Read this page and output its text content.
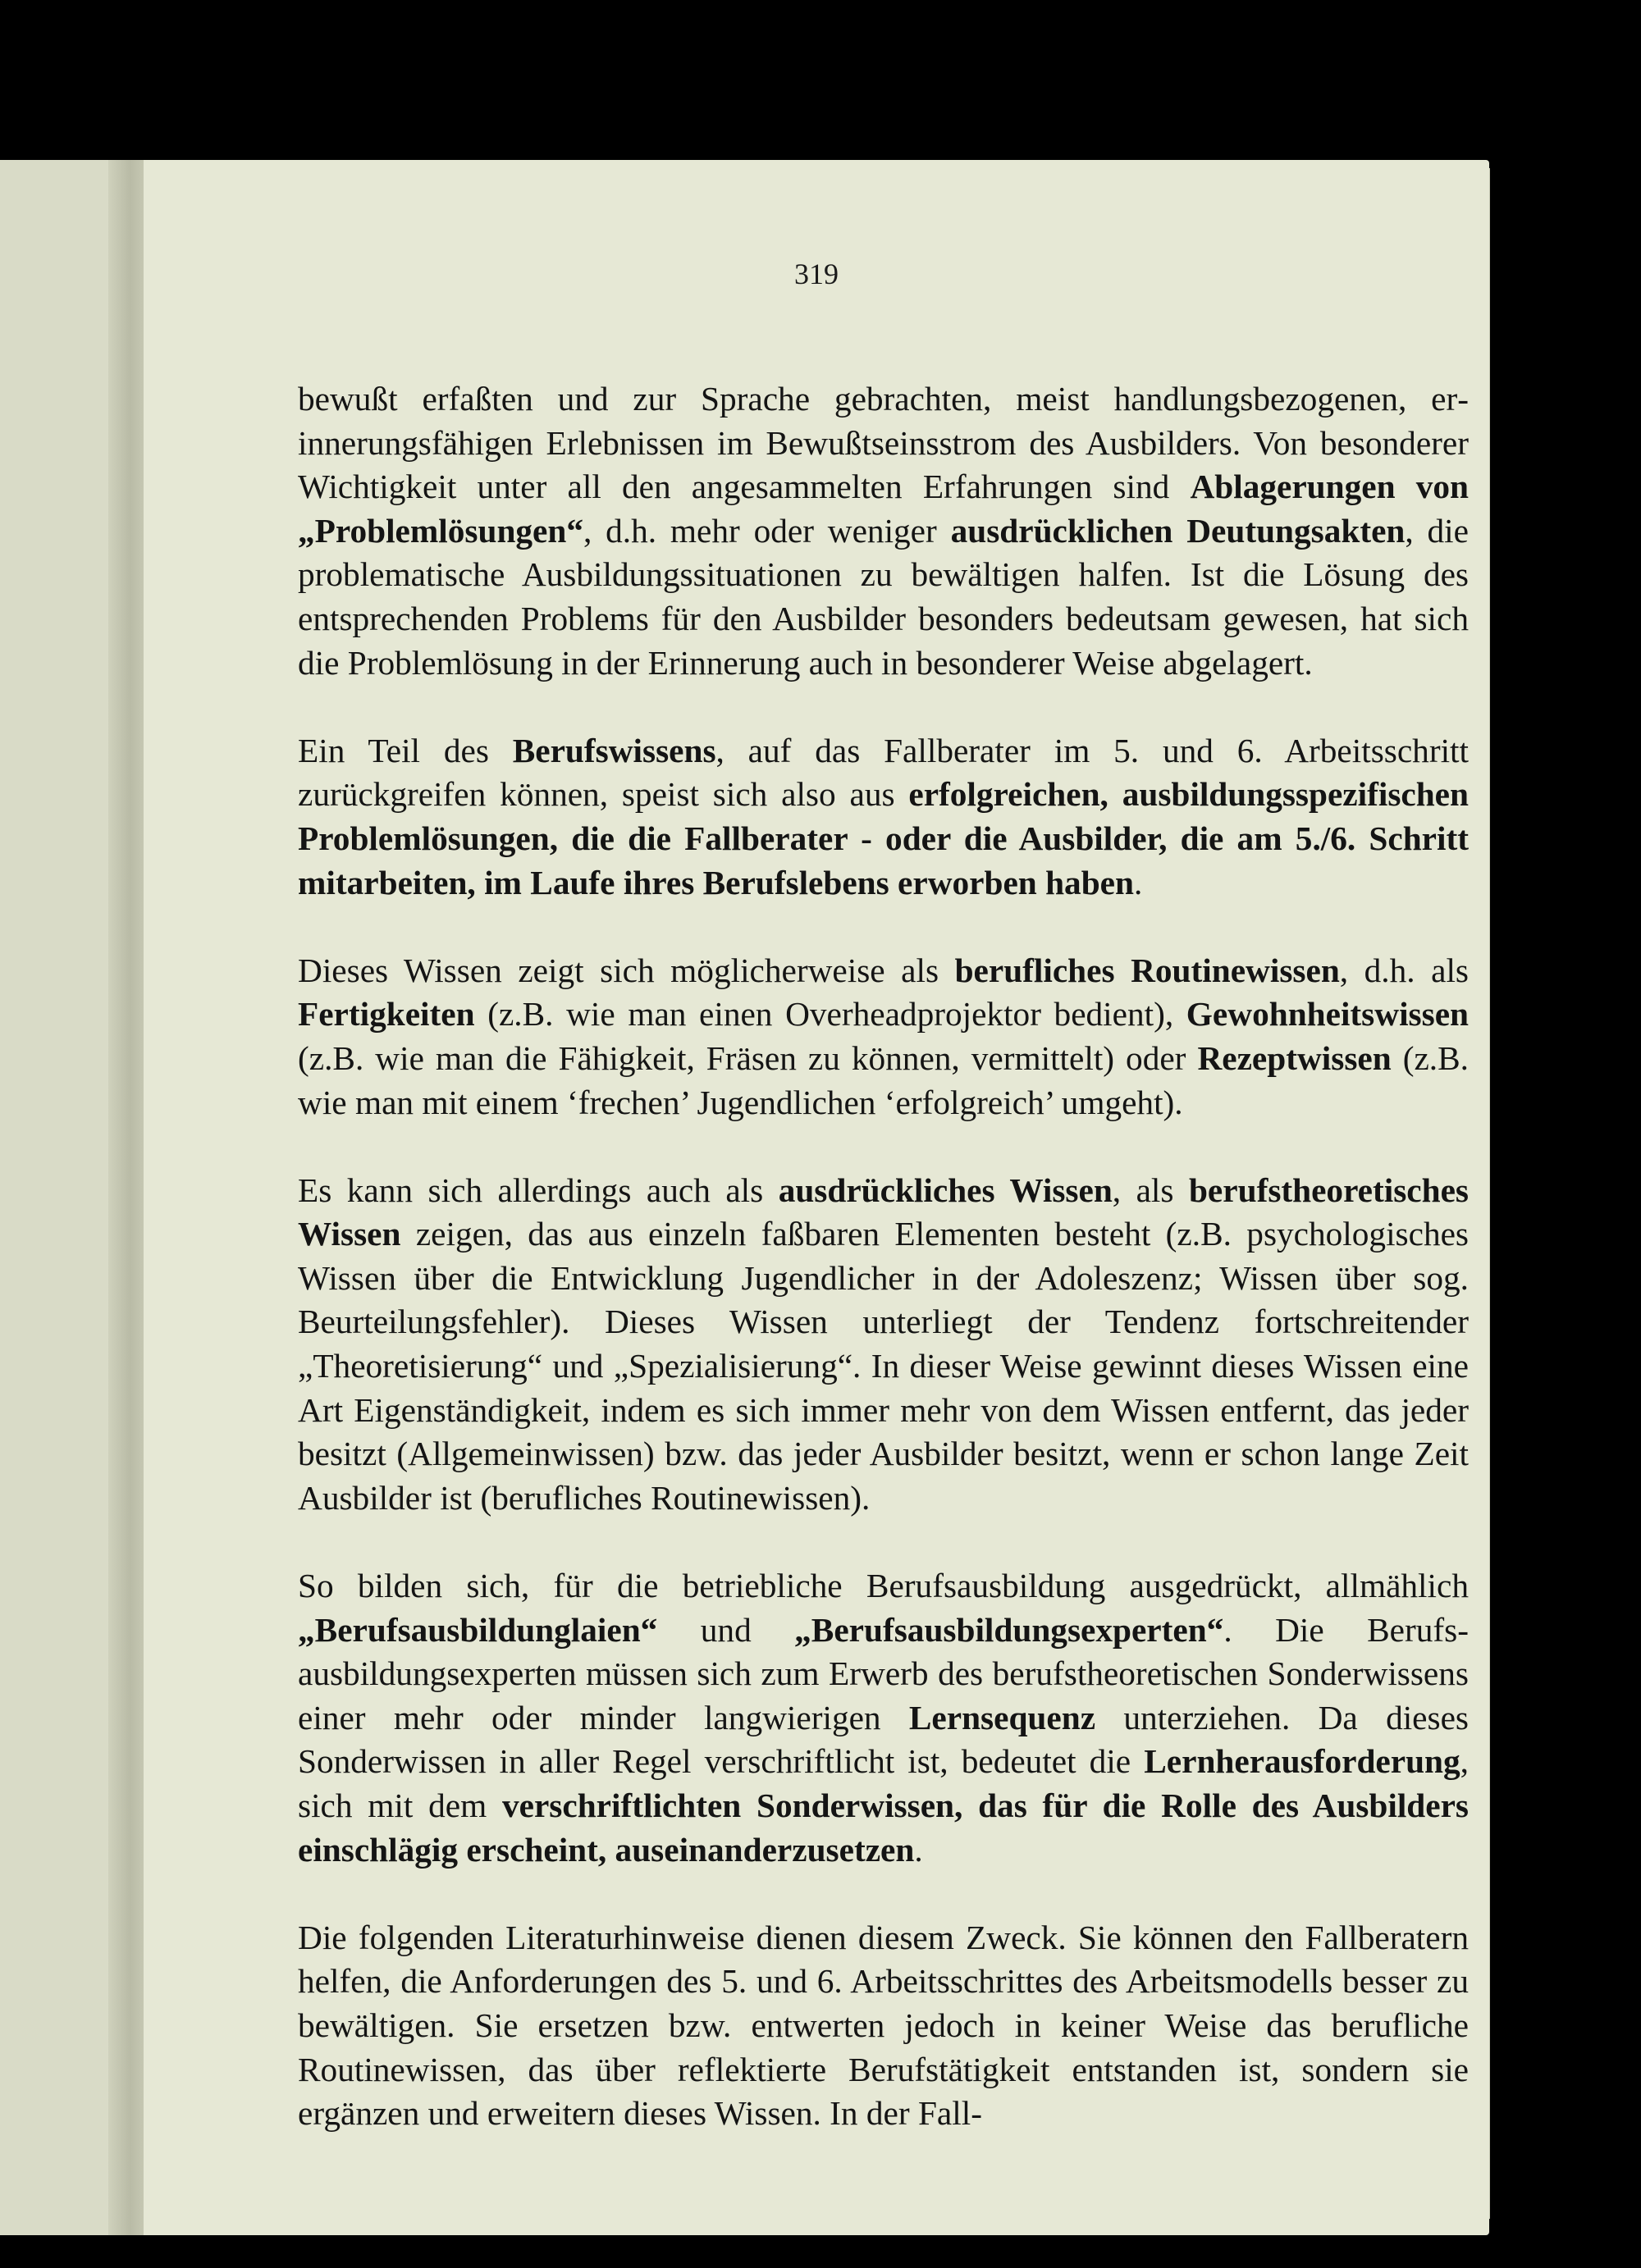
319

bewußt erfaßten und zur Sprache gebrachten, meist handlungsbezogenen, erinnerungsfähigen Erlebnissen im Bewußtseinsstrom des Ausbilders. Von besonderer Wichtigkeit unter all den angesammelten Erfahrungen sind Ablagerungen von „Problemlösungen“, d.h. mehr oder weniger ausdrücklichen Deutungsakten, die problematische Ausbildungssituationen zu bewältigen halfen. Ist die Lösung des entsprechenden Problems für den Ausbilder besonders bedeutsam gewesen, hat sich die Problemlösung in der Erinnerung auch in besonderer Weise abgelagert.

Ein Teil des Berufswissens, auf das Fallberater im 5. und 6. Arbeitsschritt zurückgreifen können, speist sich also aus erfolgreichen, ausbildungsspezifischen Problemlösungen, die die Fallberater - oder die Ausbilder, die am 5./6. Schritt mitarbeiten, im Laufe ihres Berufslebens erworben haben.

Dieses Wissen zeigt sich möglicherweise als berufliches Routinewissen, d.h. als Fertigkeiten (z.B. wie man einen Overheadprojektor bedient), Gewohnheitswissen (z.B. wie man die Fähigkeit, Fräsen zu können, vermittelt) oder Rezeptwissen (z.B. wie man mit einem ‘frechen’ Jugendlichen ‘erfolgreich’ umgeht).

Es kann sich allerdings auch als ausdrückliches Wissen, als berufstheoretisches Wissen zeigen, das aus einzeln faßbaren Elementen besteht (z.B. psychologisches Wissen über die Entwicklung Jugendlicher in der Adoleszenz; Wissen über sog. Beurteilungsfehler). Dieses Wissen unterliegt der Tendenz fortschreitender „Theoretisierung“ und „Spezialisierung“. In dieser Weise gewinnt dieses Wissen eine Art Eigenständigkeit, indem es sich immer mehr von dem Wissen entfernt, das jeder besitzt (Allgemeinwissen) bzw. das jeder Ausbilder besitzt, wenn er schon lange Zeit Ausbilder ist (berufliches Routinewissen).

So bilden sich, für die betriebliche Berufsausbildung ausgedrückt, allmählich „Berufsausbildunglaien“ und „Berufsausbildungsexperten“. Die Berufsausbildungsexperten müssen sich zum Erwerb des berufstheoretischen Sonderwissens einer mehr oder minder langwierigen Lernsequenz unterziehen. Da dieses Sonderwissen in aller Regel verschriftlicht ist, bedeutet die Lernherausforderung, sich mit dem verschriftlichten Sonderwissen, das für die Rolle des Ausbilders einschlägig erscheint, auseinanderzusetzen.

Die folgenden Literaturhinweise dienen diesem Zweck. Sie können den Fallberatern helfen, die Anforderungen des 5. und 6. Arbeitsschrittes des Arbeitsmodells besser zu bewältigen. Sie ersetzen bzw. entwerten jedoch in keiner Weise das berufliche Routinewissen, das über reflektierte Berufstätigkeit entstanden ist, sondern sie ergänzen und erweitern dieses Wissen. In der Fall-
